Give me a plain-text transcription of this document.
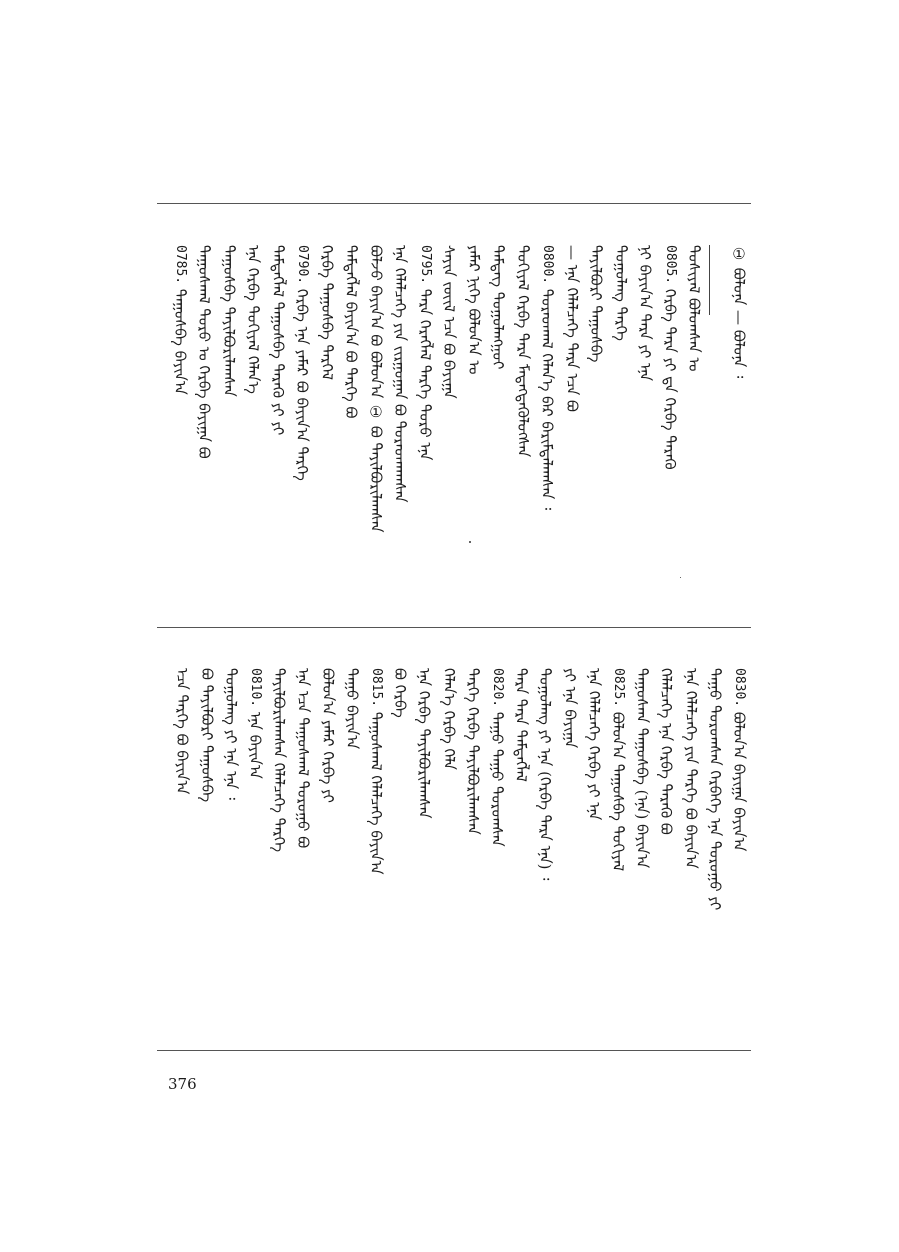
① ᠪᠣᠯᠣᠨᠠ — ᠪᠣᠯᠤᠨᠠ ᠄
ᠳᠣᠰᠢᠶᠠᠯ ᠪᠣᠯᠤᠭᠰᠠᠨ ᠤ
0805. ᠬᠡᠷᠪᠡ ᠲᠡᠷᠡ ᠶᠢ ᠳᠠ ᠬᠡᠷᠪᠡ ᠲᠡᠷᠡᠭᠦ
ᠨᠢ ᠪᠠᠶᠢᠨ᠎ᠠ ᠲᠡᠷᠡ ᠶᠢ ᠡᠨᠡ
ᠳᠣᠭᠣᠯᠠᠩ ᠲᠡᠷᠭᠡ
ᠲᠠᠶᠢᠯᠪᠣᠷᠢ ᠳᠠᠭᠤᠰᠪᠠ
— ᠡᠨᠡ ᠬᠡᠯᠡᠯᠴᠡᠭᠡ ᠲᠡᠷᠡ ᠡᠴᠡ ᠪᠣ
0800. ᠳᠤᠷᠠᠳᠬᠠᠯ ᠬᠡᠯᠡᠨ᠎ᠡ ᠪᠡᠷ ᠪᠠᠷᠢᠮᠲᠠᠯᠠᠭᠰᠠᠨ ᠄
ᠲᠣᠬᠢᠶᠠᠯ ᠬᠡᠷᠪᠡ ᠲᠡᠷᠡ ᠮᠡᠳᠡᠭᠳᠡᠭᠦᠯᠦᠭᠰᠡᠨ
ᠲᠡᠮᠳᠡᠭ ᠳᠣᠭᠣᠯᠠᠩᠭᠤᠢ
ᠶᠠᠮᠠᠷ ᠨᠢᠭᠡ ᠪᠣᠯᠣᠨ᠎ᠠ ᠤ
ᠰᠠᠶᠢᠨ ᠵᠦᠢᠯ ᠡᠴᠡ ᠪᠣ ᠪᠠᠶᠢᠭᠠ
0795. ᠲᠡᠷᠡ ᠬᠡᠷᠡᠭᠯᠡᠯ ᠲᠡᠷᠭᠡ ᠳᠣᠷᠣ ᠡᠨᠡ
ᠡᠨᠡ ᠬᠡᠯᠡᠯᠴᠡᠭᠡ ᠶᠢᠨ ᠵᠢᠷᠭᠤᠭᠠᠨ ᠪᠣ ᠳᠤᠷᠠᠳᠬᠠᠭᠰᠠᠨ
ᠪᠣᠯᠵᠣ ᠪᠠᠶᠢᠨ᠎ᠠ ᠪᠣ ᠪᠣᠯᠣᠨ᠎ᠠ ① ᠪᠣ ᠲᠠᠶᠢᠯᠪᠣᠷᠢᠯᠠᠭᠰᠠᠨ
ᠲᠡᠮᠳᠡᠭᠯᠡᠯ ᠪᠠᠶᠢᠨ᠎ᠠ ᠪᠣ ᠲᠡᠷᠭᠡ ᠪᠣ
ᠬᠡᠷᠪᠡ ᠳᠠᠭᠤᠰᠪᠠ ᠲᠡᠷᠭᠡᠯ
0790. ᠬᠡᠷᠪᠡ ᠡᠨᠡ ᠶᠠᠮᠠᠷ ᠪᠣ ᠪᠠᠶᠢᠨ᠎ᠠ ᠲᠡᠷᠭᠡ
ᠲᠡᠮᠳᠡᠭᠯᠡᠯ ᠳᠠᠭᠤᠰᠪᠠ ᠲᠡᠷᠡᠭᠦ ᠶᠢ ᠶᠢ
ᠡᠨᠡ ᠬᠡᠷᠪᠡ ᠲᠣᠬᠢᠶᠠᠯ ᠬᠡᠯᠡᠨ᠎ᠡ
ᠳᠠᠭᠤᠰᠪᠠ ᠲᠠᠶᠢᠯᠪᠣᠷᠢᠯᠠᠭᠰᠠᠨ
ᠳᠠᠭᠤᠰᠬᠠᠯ ᠳᠣᠷᠣ ᠣ ᠬᠡᠷᠪᠡ ᠪᠠᠶᠢᠭᠠ ᠪᠣ
0785. ᠳᠠᠭᠤᠰᠪᠠ ᠪᠠᠶᠢᠨ᠎ᠠ
0830. ᠪᠣᠯᠣᠨ᠎ᠠ ᠪᠠᠶᠢᠭᠠ ᠪᠠᠶᠢᠨ᠎ᠠ
ᠳᠠᠭᠤ ᠳᠣᠷᠣᠭᠰᠠᠨ ᠬᠡᠷᠪᠡᠭᠡ ᠡᠨᠡ ᠳᠣᠷᠣᠭᠤ ᠶᠢ
ᠡᠨᠡ ᠬᠡᠯᠡᠯᠴᠡᠭᠡ ᠶᠢᠨ ᠲᠡᠷᠭᠡ ᠪᠣ ᠪᠠᠶᠢᠨ᠎ᠠ
ᠬᠡᠯᠡᠯᠴᠡᠭᠡ ᠡᠨᠡ ᠬᠡᠷᠪᠡ ᠲᠡᠷᠡᠭᠦ ᠪᠣ
ᠳᠠᠭᠤᠰᠬᠠ ᠳᠠᠭᠤᠰᠪᠠ (ᠡᠨᠡ) ᠪᠠᠶᠢᠨ᠎ᠠ
0825. ᠪᠣᠯᠣᠨ᠎ᠠ ᠳᠠᠭᠤᠰᠪᠠ ᠲᠣᠬᠢᠶᠠᠯ
ᠡᠨᠡ ᠬᠡᠯᠡᠯᠴᠡᠭᠡ ᠬᠡᠷᠪᠡ ᠶᠢ ᠡᠨᠡ
ᠶᠢ ᠡᠨᠡ ᠪᠠᠶᠢᠭᠠ
ᠳᠣᠭᠣᠯᠠᠩ ᠶᠢ ᠡᠨᠡ (ᠬᠡᠷᠪᠡ ᠲᠡᠷᠡ ᠡᠨᠡ) ᠄
ᠲᠡᠷᠡ ᠲᠡᠷᠡ ᠲᠡᠮᠳᠡᠭᠯᠡᠯ
0820. ᠳᠠᠭᠤ ᠳᠠᠭᠤ ᠳᠣᠷᠣᠭᠰᠠᠨ
ᠲᠡᠷᠭᠡ ᠬᠡᠷᠪᠡ ᠲᠠᠶᠢᠯᠪᠣᠷᠢᠯᠠᠭᠰᠠᠨ
ᠬᠡᠯᠡᠨ᠎ᠡ ᠬᠡᠷᠪᠡ ᠬᠡᠯᠡ
ᠡᠨᠡ ᠬᠡᠷᠪᠡ ᠲᠠᠶᠢᠯᠪᠣᠷᠢᠯᠠᠭᠰᠠᠨ
ᠪᠣ ᠬᠡᠷᠪᠡ
0815. ᠳᠠᠭᠤᠰᠬᠠᠯ ᠬᠡᠯᠡᠯᠴᠡᠭᠡ ᠪᠠᠶᠢᠨ᠎ᠠ
ᠳᠠᠭᠤ ᠪᠠᠶᠢᠨ᠎ᠠ
ᠪᠣᠯᠣᠨ᠎ᠠ ᠶᠠᠮᠠᠷ ᠬᠡᠷᠪᠡ ᠶᠢ
ᠡᠨᠡ ᠡᠴᠡ ᠳᠠᠭᠤᠰᠬᠠᠯ ᠳᠣᠷᠣᠭᠤ ᠪᠣ
ᠲᠠᠶᠢᠯᠪᠣᠷᠢᠯᠠᠭᠰᠠᠨ ᠬᠡᠯᠡᠯᠴᠡᠭᠡ ᠲᠡᠷᠭᠡ
0810. ᠡᠨᠡ ᠪᠠᠶᠢᠨ᠎ᠠ
ᠳᠣᠭᠣᠯᠠᠩ ᠶᠢ ᠡᠨᠡ ᠡᠨᠡ ᠄
ᠪᠣ ᠲᠠᠶᠢᠯᠪᠣᠷᠢ ᠳᠠᠭᠤᠰᠪᠠ
ᠡᠴᠡ ᠲᠡᠷᠭᠡ ᠪᠣ ᠪᠠᠶᠢᠨ᠎ᠠ
376
